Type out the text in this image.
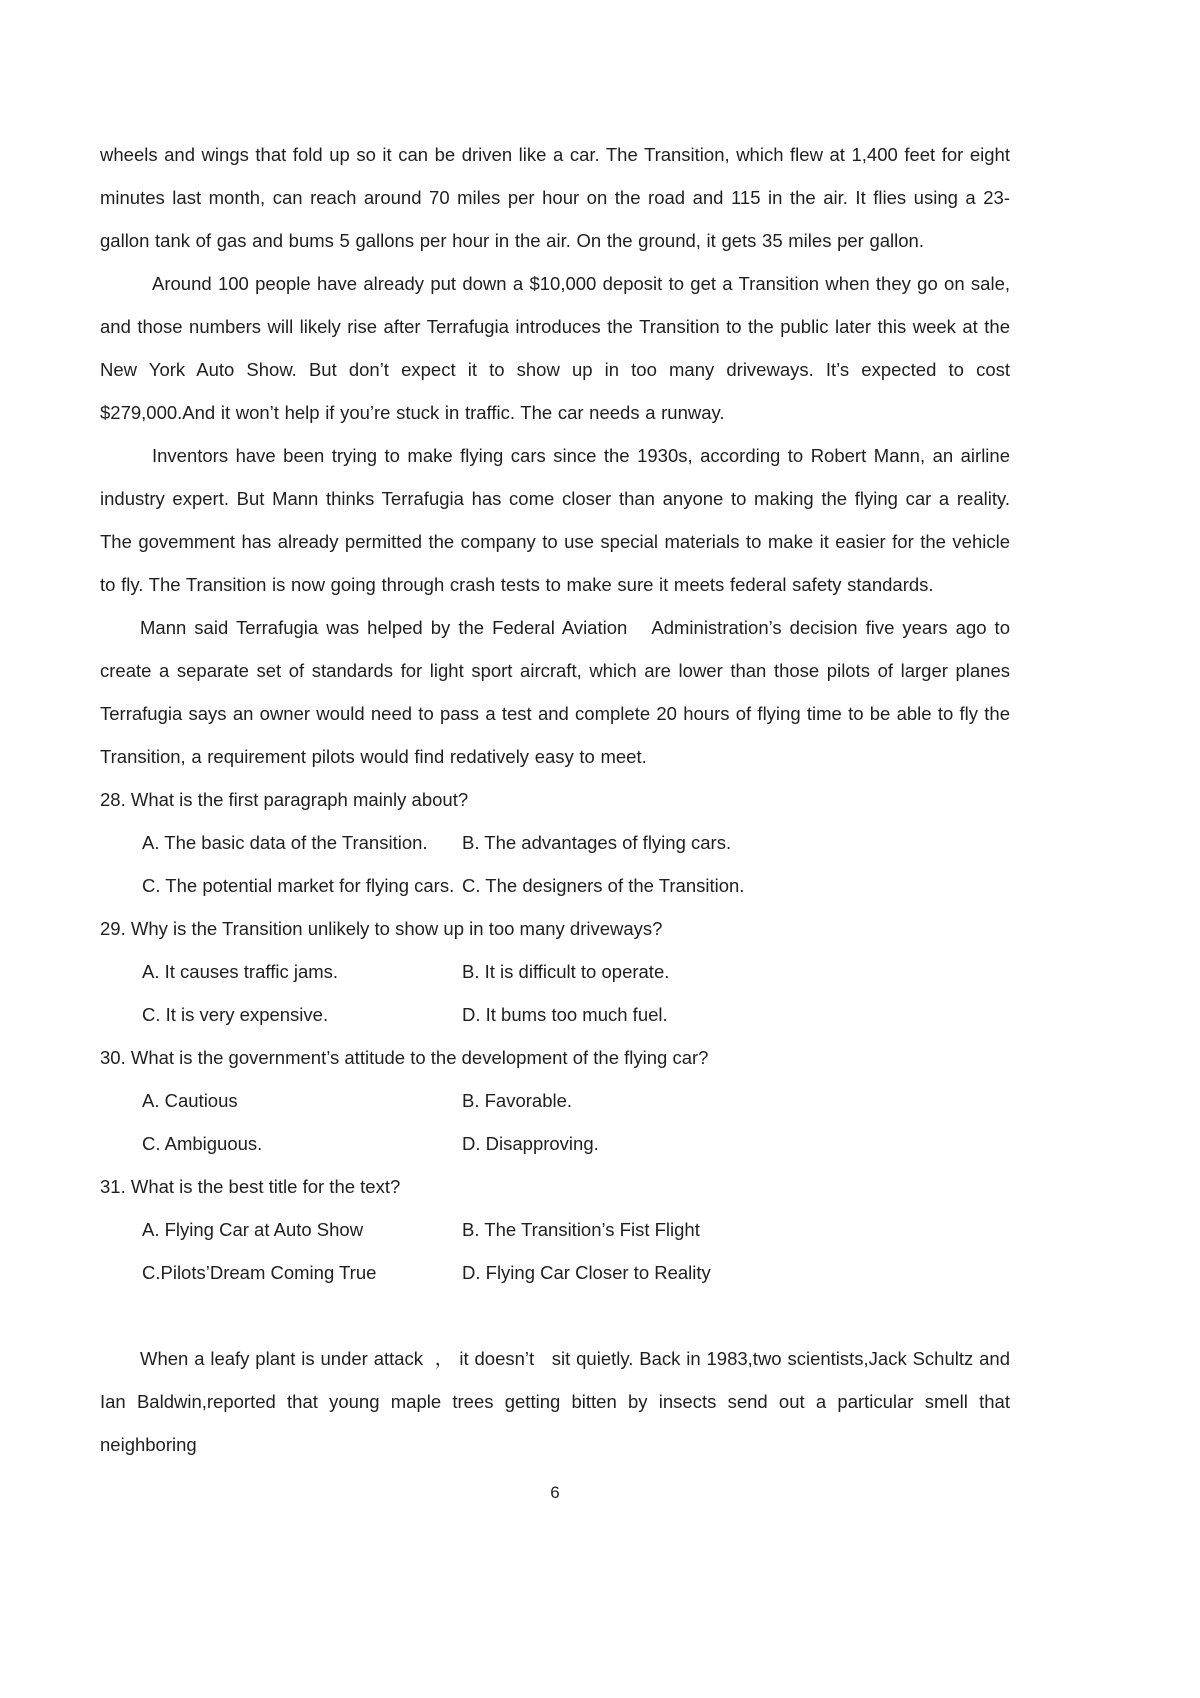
wheels and wings that fold up so it can be driven like a car. The Transition, which flew at 1,400 feet for eight minutes last month, can reach around 70 miles per hour on the road and 115 in the air. It flies using a 23-gallon tank of gas and bums 5 gallons per hour in the air. On the ground, it gets 35 miles per gallon.

Around 100 people have already put down a $10,000 deposit to get a Transition when they go on sale, and those numbers will likely rise after Terrafugia introduces the Transition to the public later this week at the New York Auto Show. But don’t expect it to show up in too many driveways. It’s expected to cost $279,000.And it won’t help if you’re stuck in traffic. The car needs a runway.

Inventors have been trying to make flying cars since the 1930s, according to Robert Mann, an airline industry expert. But Mann thinks Terrafugia has come closer than anyone to making the flying car a reality. The govemment has already permitted the company to use special materials to make it easier for the vehicle to fly. The Transition is now going through crash tests to make sure it meets federal safety standards.

Mann said Terrafugia was helped by the Federal Aviation   Administration’s decision five years ago to create a separate set of standards for light sport aircraft, which are lower than those pilots of larger planes Terrafugia says an owner would need to pass a test and complete 20 hours of flying time to be able to fly the Transition, a requirement pilots would find redatively easy to meet.

28. What is the first paragraph mainly about?

A. The basic data of the Transition.	B. The advantages of flying cars.
C. The potential market for flying cars. C. The designers of the Transition.

29. Why is the Transition unlikely to show up in too many driveways?

A. It causes traffic jams.	B. It is difficult to operate.
C. It is very expensive.	D. It bums too much fuel.

30. What is the government’s attitude to the development of the flying car?

A. Cautious	B. Favorable.
C. Ambiguous.	D. Disapproving.

31. What is the best title for the text?

A. Flying Car at Auto Show	B. The Transition’s Fist Flight
C.Pilots’Dream Coming True	D. Flying Car Closer to Reality

When a leafy plant is under attack  ， it doesn’t   sit quietly. Back in 1983,two scientists,Jack Schultz and Ian Baldwin,reported that young maple trees getting bitten by insects send out a particular smell that neighboring

6
